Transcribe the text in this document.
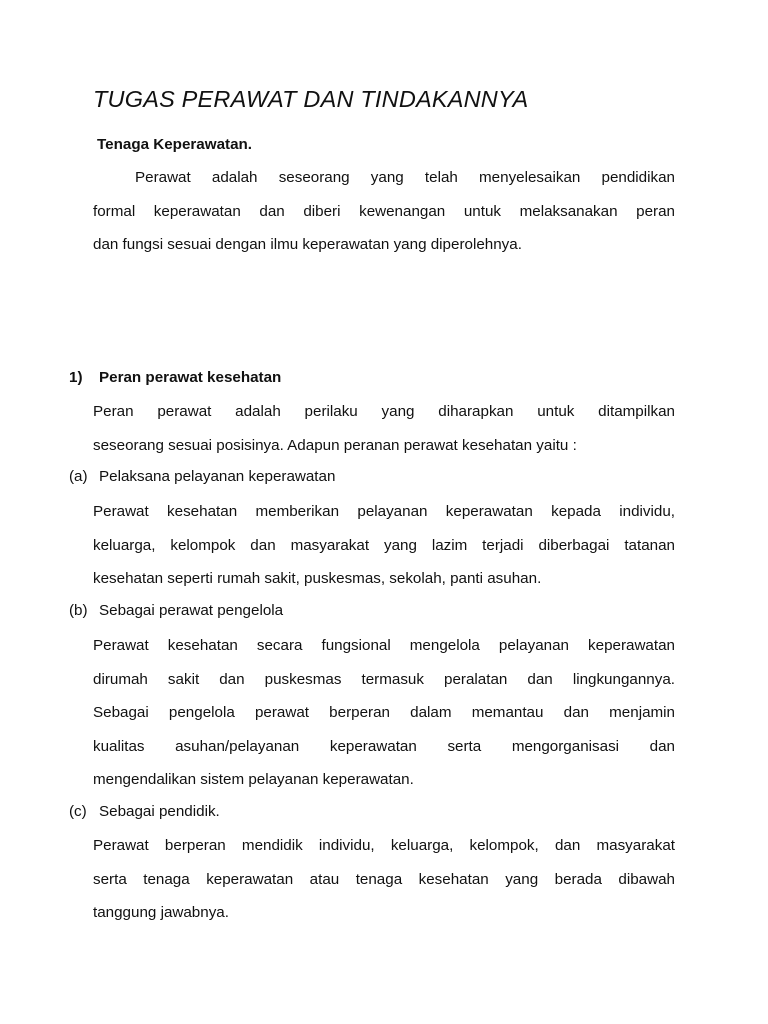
TUGAS PERAWAT DAN TINDAKANNYA
Tenaga Keperawatan.
Perawat adalah seseorang yang telah menyelesaikan pendidikan
formal keperawatan dan diberi kewenangan untuk melaksanakan peran
dan fungsi sesuai dengan ilmu keperawatan yang diperolehnya.
1) Peran perawat kesehatan
Peran perawat adalah perilaku yang diharapkan untuk ditampilkan
seseorang sesuai posisinya. Adapun peranan perawat kesehatan yaitu :
(a) Pelaksana pelayanan keperawatan
Perawat kesehatan memberikan pelayanan keperawatan kepada individu,
keluarga, kelompok dan masyarakat yang lazim terjadi diberbagai tatanan
kesehatan seperti rumah sakit, puskesmas, sekolah, panti asuhan.
(b) Sebagai perawat pengelola
Perawat kesehatan secara fungsional mengelola pelayanan keperawatan
dirumah sakit dan puskesmas termasuk peralatan dan lingkungannya.
Sebagai pengelola perawat berperan dalam memantau dan menjamin
kualitas asuhan/pelayanan keperawatan serta mengorganisasi dan
mengendalikan sistem pelayanan keperawatan.
(c) Sebagai pendidik.
Perawat berperan mendidik individu, keluarga, kelompok, dan masyarakat
serta tenaga keperawatan atau tenaga kesehatan yang berada dibawah
tanggung jawabnya.
